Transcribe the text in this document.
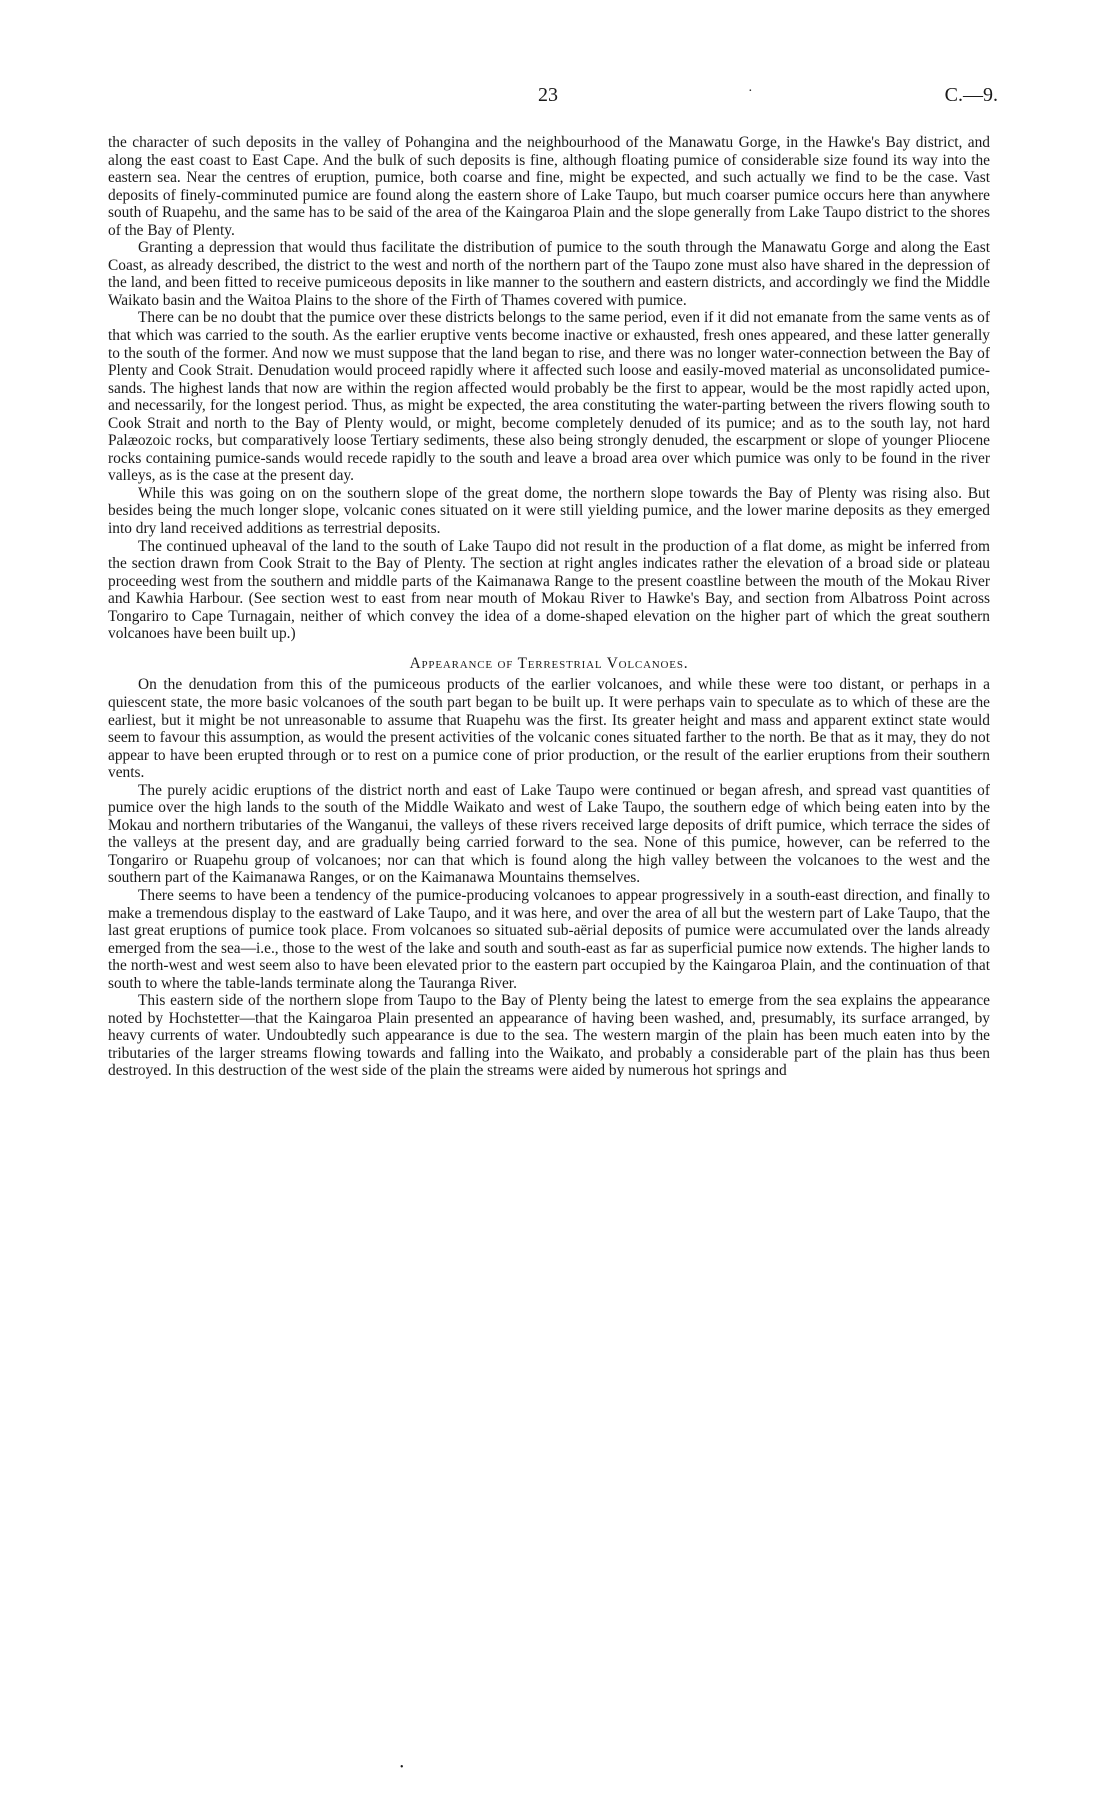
23	·	C.—9.

the character of such deposits in the valley of Pohangina and the neighbourhood of the Manawatu Gorge, in the Hawke's Bay district, and along the east coast to East Cape. And the bulk of such deposits is fine, although floating pumice of considerable size found its way into the eastern sea. Near the centres of eruption, pumice, both coarse and fine, might be expected, and such actually we find to be the case. Vast deposits of finely-comminuted pumice are found along the eastern shore of Lake Taupo, but much coarser pumice occurs here than anywhere south of Ruapehu, and the same has to be said of the area of the Kaingaroa Plain and the slope generally from Lake Taupo district to the shores of the Bay of Plenty.

Granting a depression that would thus facilitate the distribution of pumice to the south through the Manawatu Gorge and along the East Coast, as already described, the district to the west and north of the northern part of the Taupo zone must also have shared in the depression of the land, and been fitted to receive pumiceous deposits in like manner to the southern and eastern districts, and accordingly we find the Middle Waikato basin and the Waitoa Plains to the shore of the Firth of Thames covered with pumice.

There can be no doubt that the pumice over these districts belongs to the same period, even if it did not emanate from the same vents as of that which was carried to the south. As the earlier eruptive vents become inactive or exhausted, fresh ones appeared, and these latter generally to the south of the former. And now we must suppose that the land began to rise, and there was no longer water-connection between the Bay of Plenty and Cook Strait. Denudation would proceed rapidly where it affected such loose and easily-moved material as unconsolidated pumice-sands. The highest lands that now are within the region affected would probably be the first to appear, would be the most rapidly acted upon, and necessarily, for the longest period. Thus, as might be expected, the area constituting the water-parting between the rivers flowing south to Cook Strait and north to the Bay of Plenty would, or might, become completely denuded of its pumice; and as to the south lay, not hard Palæozoic rocks, but comparatively loose Tertiary sediments, these also being strongly denuded, the escarpment or slope of younger Pliocene rocks containing pumice-sands would recede rapidly to the south and leave a broad area over which pumice was only to be found in the river valleys, as is the case at the present day.

While this was going on on the southern slope of the great dome, the northern slope towards the Bay of Plenty was rising also. But besides being the much longer slope, volcanic cones situated on it were still yielding pumice, and the lower marine deposits as they emerged into dry land received additions as terrestrial deposits.

The continued upheaval of the land to the south of Lake Taupo did not result in the production of a flat dome, as might be inferred from the section drawn from Cook Strait to the Bay of Plenty. The section at right angles indicates rather the elevation of a broad side or plateau proceeding west from the southern and middle parts of the Kaimanawa Range to the present coastline between the mouth of the Mokau River and Kawhia Harbour. (See section west to east from near mouth of Mokau River to Hawke's Bay, and section from Albatross Point across Tongariro to Cape Turnagain, neither of which convey the idea of a dome-shaped elevation on the higher part of which the great southern volcanoes have been built up.)

Appearance of Terrestrial Volcanoes.

On the denudation from this of the pumiceous products of the earlier volcanoes, and while these were too distant, or perhaps in a quiescent state, the more basic volcanoes of the south part began to be built up. It were perhaps vain to speculate as to which of these are the earliest, but it might be not unreasonable to assume that Ruapehu was the first. Its greater height and mass and apparent extinct state would seem to favour this assumption, as would the present activities of the volcanic cones situated farther to the north. Be that as it may, they do not appear to have been erupted through or to rest on a pumice cone of prior production, or the result of the earlier eruptions from their southern vents.

The purely acidic eruptions of the district north and east of Lake Taupo were continued or began afresh, and spread vast quantities of pumice over the high lands to the south of the Middle Waikato and west of Lake Taupo, the southern edge of which being eaten into by the Mokau and northern tributaries of the Wanganui, the valleys of these rivers received large deposits of drift pumice, which terrace the sides of the valleys at the present day, and are gradually being carried forward to the sea. None of this pumice, however, can be referred to the Tongariro or Ruapehu group of volcanoes; nor can that which is found along the high valley between the volcanoes to the west and the southern part of the Kaimanawa Ranges, or on the Kaimanawa Mountains themselves.

There seems to have been a tendency of the pumice-producing volcanoes to appear progressively in a south-east direction, and finally to make a tremendous display to the eastward of Lake Taupo, and it was here, and over the area of all but the western part of Lake Taupo, that the last great eruptions of pumice took place. From volcanoes so situated sub-aërial deposits of pumice were accumulated over the lands already emerged from the sea—i.e., those to the west of the lake and south and south-east as far as superficial pumice now extends. The higher lands to the north-west and west seem also to have been elevated prior to the eastern part occupied by the Kaingaroa Plain, and the continuation of that south to where the table-lands terminate along the Tauranga River.

This eastern side of the northern slope from Taupo to the Bay of Plenty being the latest to emerge from the sea explains the appearance noted by Hochstetter—that the Kaingaroa Plain presented an appearance of having been washed, and, presumably, its surface arranged, by heavy currents of water. Undoubtedly such appearance is due to the sea. The western margin of the plain has been much eaten into by the tributaries of the larger streams flowing towards and falling into the Waikato, and probably a considerable part of the plain has thus been destroyed. In this destruction of the west side of the plain the streams were aided by numerous hot springs and

•
